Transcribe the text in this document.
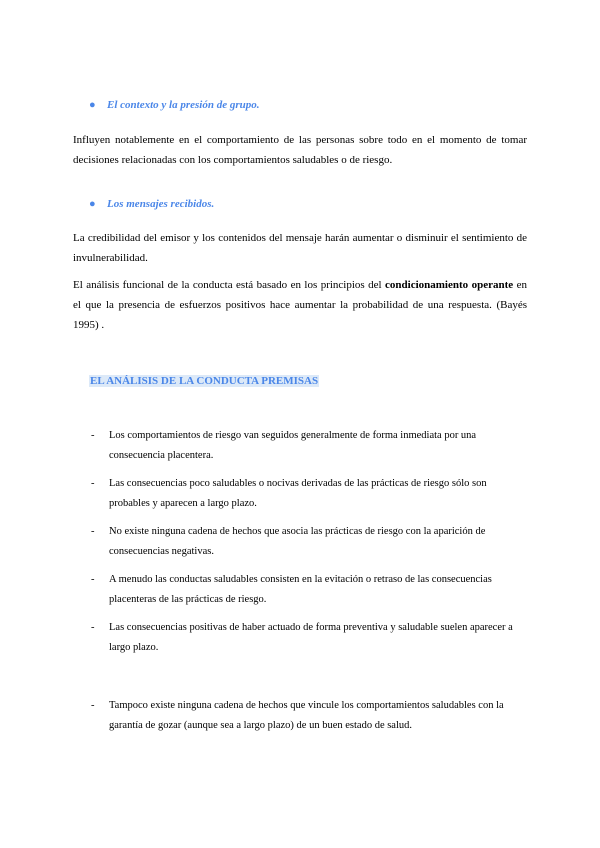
● El contexto y la presión de grupo.
Influyen notablemente en el comportamiento de las personas sobre todo en el momento de tomar decisiones relacionadas con los comportamientos saludables o de riesgo.
● Los mensajes recibidos.
La credibilidad del emisor y los contenidos del mensaje harán aumentar o disminuir el sentimiento de invulnerabilidad.
El análisis funcional de la conducta está basado en los principios del condicionamiento operante en el que la presencia de esfuerzos positivos hace aumentar la probabilidad de una respuesta. (Bayés 1995) .
EL ANÁLISIS DE LA CONDUCTA PREMISAS
- Los comportamientos de riesgo van seguidos generalmente de forma inmediata por una consecuencia placentera.
- Las consecuencias poco saludables o nocivas derivadas de las prácticas de riesgo sólo son probables y aparecen a largo plazo.
- No existe ninguna cadena de hechos que asocia las prácticas de riesgo con la aparición de consecuencias negativas.
- A menudo las conductas saludables consisten en la evitación o retraso de las consecuencias placenteras de las prácticas de riesgo.
- Las consecuencias positivas de haber actuado de forma preventiva y saludable suelen aparecer a largo plazo.
- Tampoco existe ninguna cadena de hechos que vincule los comportamientos saludables con la garantía de gozar (aunque sea a largo plazo) de un buen estado de salud.
